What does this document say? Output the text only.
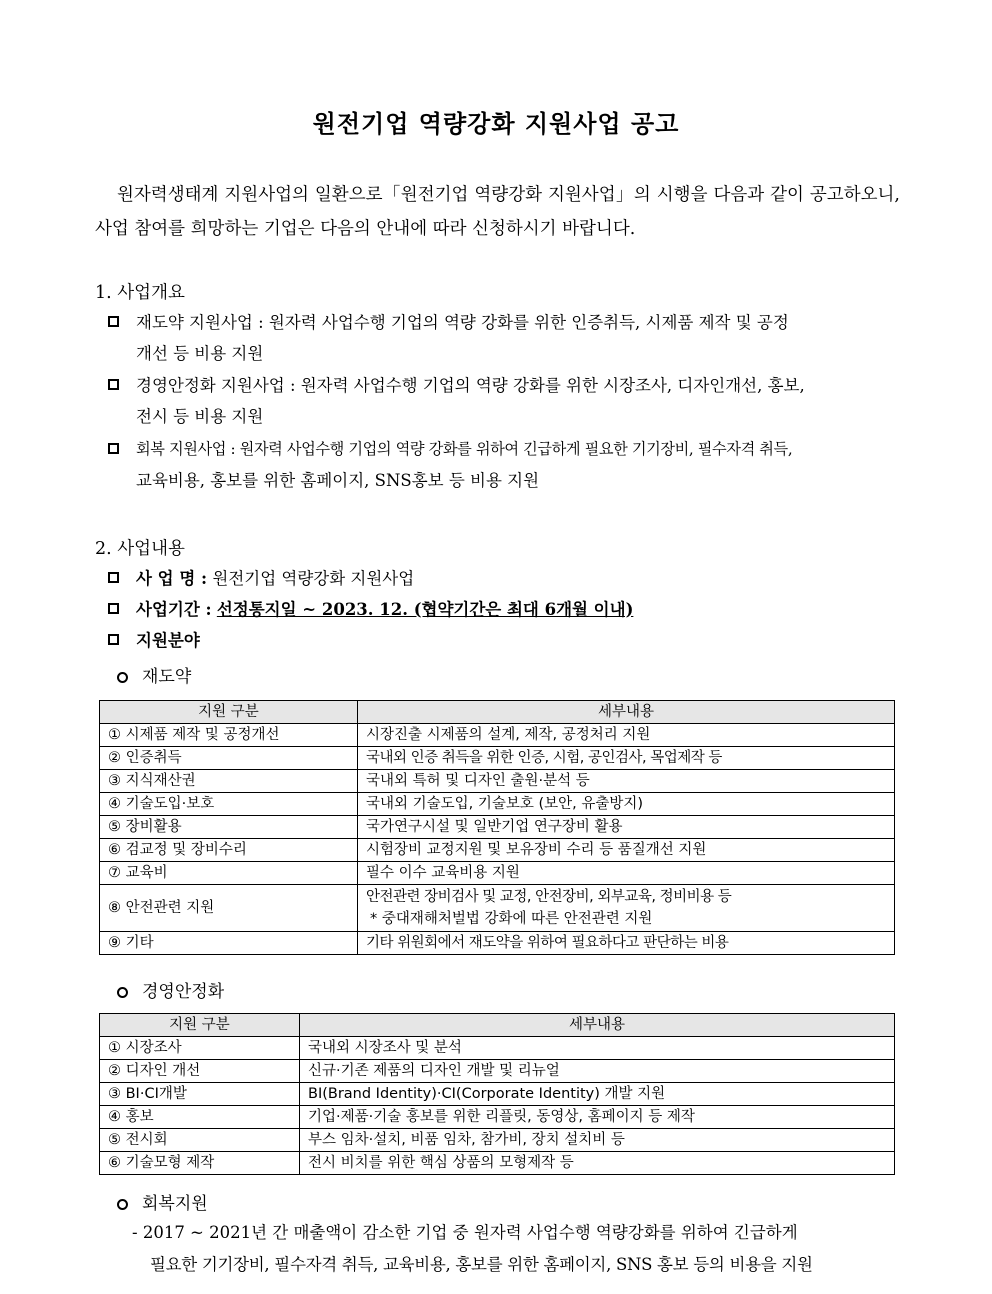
원전기업 역량강화 지원사업 공고
원자력생태계 지원사업의 일환으로「원전기업 역량강화 지원사업」의 시행을 다음과 같이 공고하오니, 사업 참여를 희망하는 기업은 다음의 안내에 따라 신청하시기 바랍니다.
1. 사업개요
재도약 지원사업 : 원자력 사업수행 기업의 역량 강화를 위한 인증취득, 시제품 제작 및 공정
개선 등 비용 지원
경영안정화 지원사업 : 원자력 사업수행 기업의 역량 강화를 위한 시장조사, 디자인개선, 홍보,
전시 등 비용 지원
회복 지원사업 : 원자력 사업수행 기업의 역량 강화를 위하여 긴급하게 필요한 기기장비, 필수자격 취득,
교육비용, 홍보를 위한 홈페이지, SNS홍보 등 비용 지원
2. 사업내용
사 업 명 : 원전기업 역량강화 지원사업
사업기간 : 선정통지일 ~ 2023. 12. (협약기간은 최대 6개월 이내)
지원분야
재도약
지원 구분	세부내용
① 시제품 제작 및 공정개선	시장진출 시제품의 설계, 제작, 공정처리 지원
② 인증취득	국내외 인증 취득을 위한 인증, 시험, 공인검사, 목업제작 등
③ 지식재산권	국내외 특허 및 디자인 출원·분석 등
④ 기술도입·보호	국내외 기술도입, 기술보호 (보안, 유출방지)
⑤ 장비활용	국가연구시설 및 일반기업 연구장비 활용
⑥ 검교정 및 장비수리	시험장비 교정지원 및 보유장비 수리 등 품질개선 지원
⑦ 교육비	필수 이수 교육비용 지원
⑧ 안전관련 지원	안전관련 장비검사 및 교정, 안전장비, 외부교육, 정비비용 등
* 중대재해처벌법 강화에 따른 안전관련 지원

⑨ 기타	기타 위원회에서 재도약을 위하여 필요하다고 판단하는 비용
경영안정화
지원 구분	세부내용
① 시장조사	국내외 시장조사 및 분석
② 디자인 개선	신규·기존 제품의 디자인 개발 및 리뉴얼
③ BI·CI개발	BI(Brand Identity)·CI(Corporate Identity) 개발 지원
④ 홍보	기업·제품·기술 홍보를 위한 리플릿, 동영상, 홈페이지 등 제작
⑤ 전시회	부스 임차·설치, 비품 임차, 참가비, 장치 설치비 등
⑥ 기술모형 제작	전시 비치를 위한 핵심 상품의 모형제작 등
회복지원
- 2017 ~ 2021년 간 매출액이 감소한 기업 중 원자력 사업수행 역량강화를 위하여 긴급하게
필요한 기기장비, 필수자격 취득, 교육비용, 홍보를 위한 홈페이지, SNS 홍보 등의 비용을 지원
